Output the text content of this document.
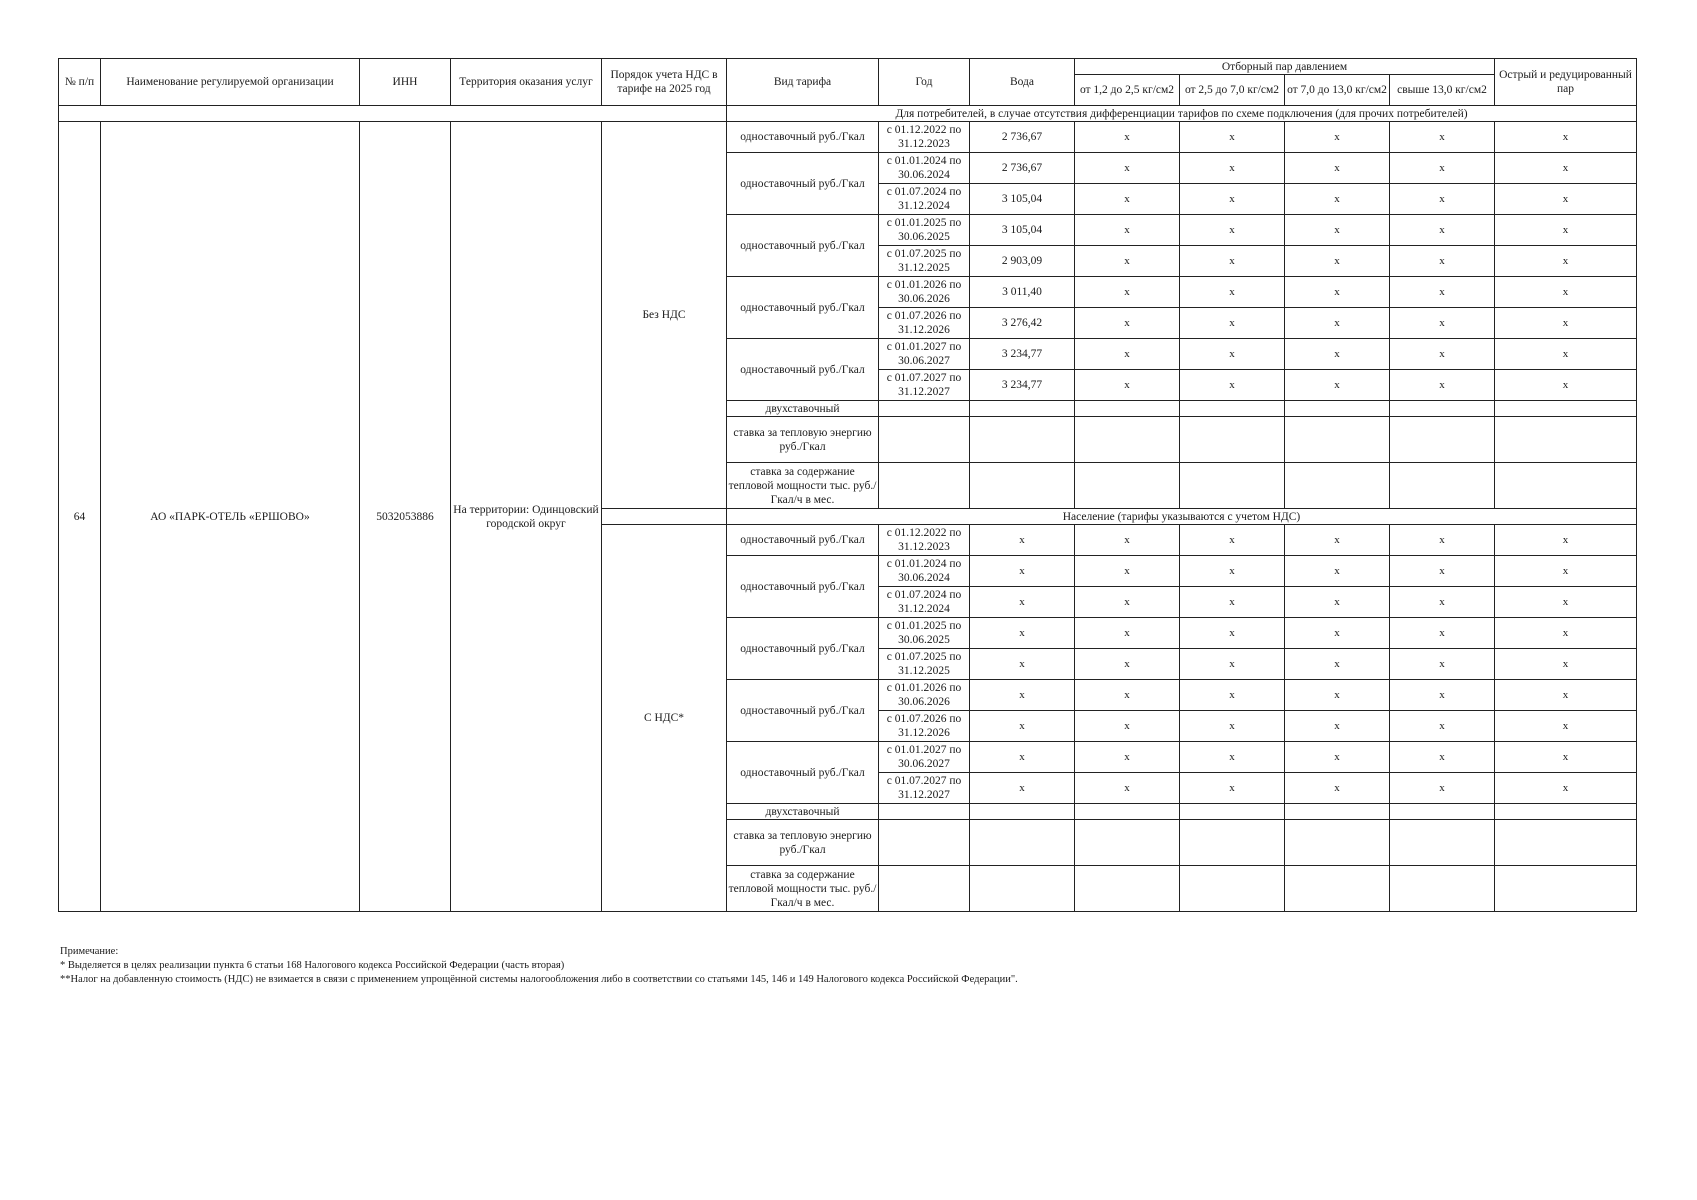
№ п/п	Наименование регулируемой организации	ИНН	Территория оказания услуг	Порядок учета НДС в тарифе на 2025 год	Вид тарифа	Год	Вода	Отборный пар давлением				Острый и редуцированный пар
								от 1,2 до 2,5 кг/см2	от 2,5 до 7,0 кг/см2	от 7,0 до 13,0 кг/см2	свыше 13,0 кг/см2	
					Для потребителей, в случае отсутствия дифференциации тарифов по схеме подключения (для прочих потребителей)							
64	АО «ПАРК-ОТЕЛЬ «ЕРШОВО»	5032053886	На территории: Одинцовский городской округ	Без НДС	одноставочный руб./Гкал	с 01.12.2022 по 31.12.2023	2 736,67	x	x	x	x	x
					одноставочный руб./Гкал	с 01.01.2024 по 30.06.2024	2 736,67	x	x	x	x	x
						с 01.07.2024 по 31.12.2024	3 105,04	x	x	x	x	x
					одноставочный руб./Гкал	с 01.01.2025 по 30.06.2025	3 105,04	x	x	x	x	x
						с 01.07.2025 по 31.12.2025	2 903,09	x	x	x	x	x
					одноставочный руб./Гкал	с 01.01.2026 по 30.06.2026	3 011,40	x	x	x	x	x
						с 01.07.2026 по 31.12.2026	3 276,42	x	x	x	x	x
					одноставочный руб./Гкал	с 01.01.2027 по 30.06.2027	3 234,77	x	x	x	x	x
						с 01.07.2027 по 31.12.2027	3 234,77	x	x	x	x	x
					двухставочный							
					ставка за тепловую энергию руб./Гкал							
					ставка за содержание тепловой мощности тыс. руб./Гкал/ч в мес.							
					Население (тарифы указываются с учетом НДС)							
				С НДС*	одноставочный руб./Гкал	с 01.12.2022 по 31.12.2023	x	x	x	x	x	x
					одноставочный руб./Гкал	с 01.01.2024 по 30.06.2024	x	x	x	x	x	x
						с 01.07.2024 по 31.12.2024	x	x	x	x	x	x
					одноставочный руб./Гкал	с 01.01.2025 по 30.06.2025	x	x	x	x	x	x
						с 01.07.2025 по 31.12.2025	x	x	x	x	x	x
					одноставочный руб./Гкал	с 01.01.2026 по 30.06.2026	x	x	x	x	x	x
						с 01.07.2026 по 31.12.2026	x	x	x	x	x	x
					одноставочный руб./Гкал	с 01.01.2027 по 30.06.2027	x	x	x	x	x	x
						с 01.07.2027 по 31.12.2027	x	x	x	x	x	x
					двухставочный							
					ставка за тепловую энергию руб./Гкал							
					ставка за содержание тепловой мощности тыс. руб./Гкал/ч в мес.							
Примечание:
* Выделяется в целях реализации пункта 6 статьи 168 Налогового кодекса Российской Федерации (часть вторая)
**Налог на добавленную стоимость (НДС) не взимается в связи с применением упрощённой системы налогообложения либо в соответствии со статьями 145, 146 и 149 Налогового кодекса Российской Федерации".
